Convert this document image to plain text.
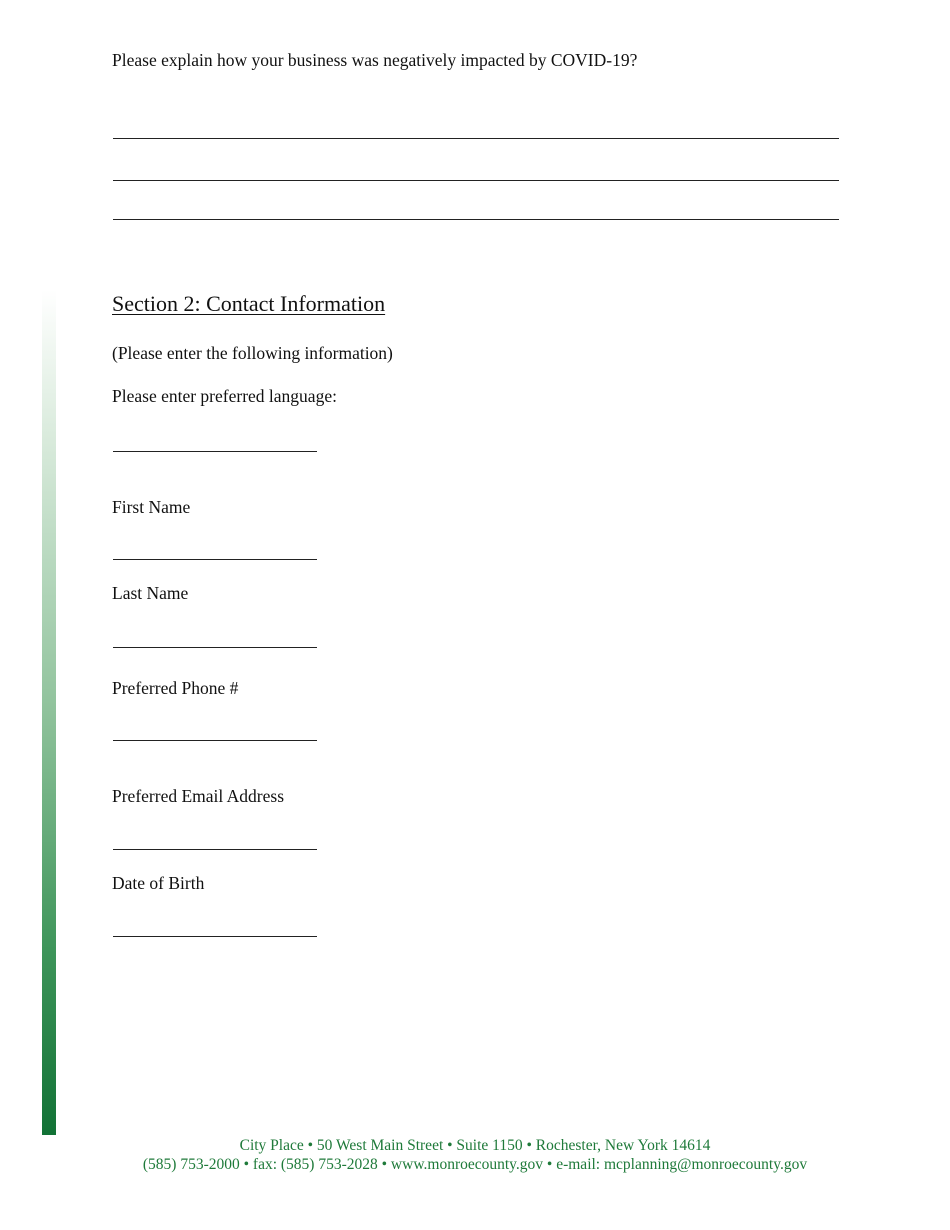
Please explain how your business was negatively impacted by COVID-19?
Section 2: Contact Information
(Please enter the following information)
Please enter preferred language:
First Name
Last Name
Preferred Phone #
Preferred Email Address
Date of Birth
City Place • 50 West Main Street • Suite 1150 • Rochester, New York 14614
(585) 753-2000 • fax: (585) 753-2028 • www.monroecounty.gov • e-mail: mcplanning@monroecounty.gov
